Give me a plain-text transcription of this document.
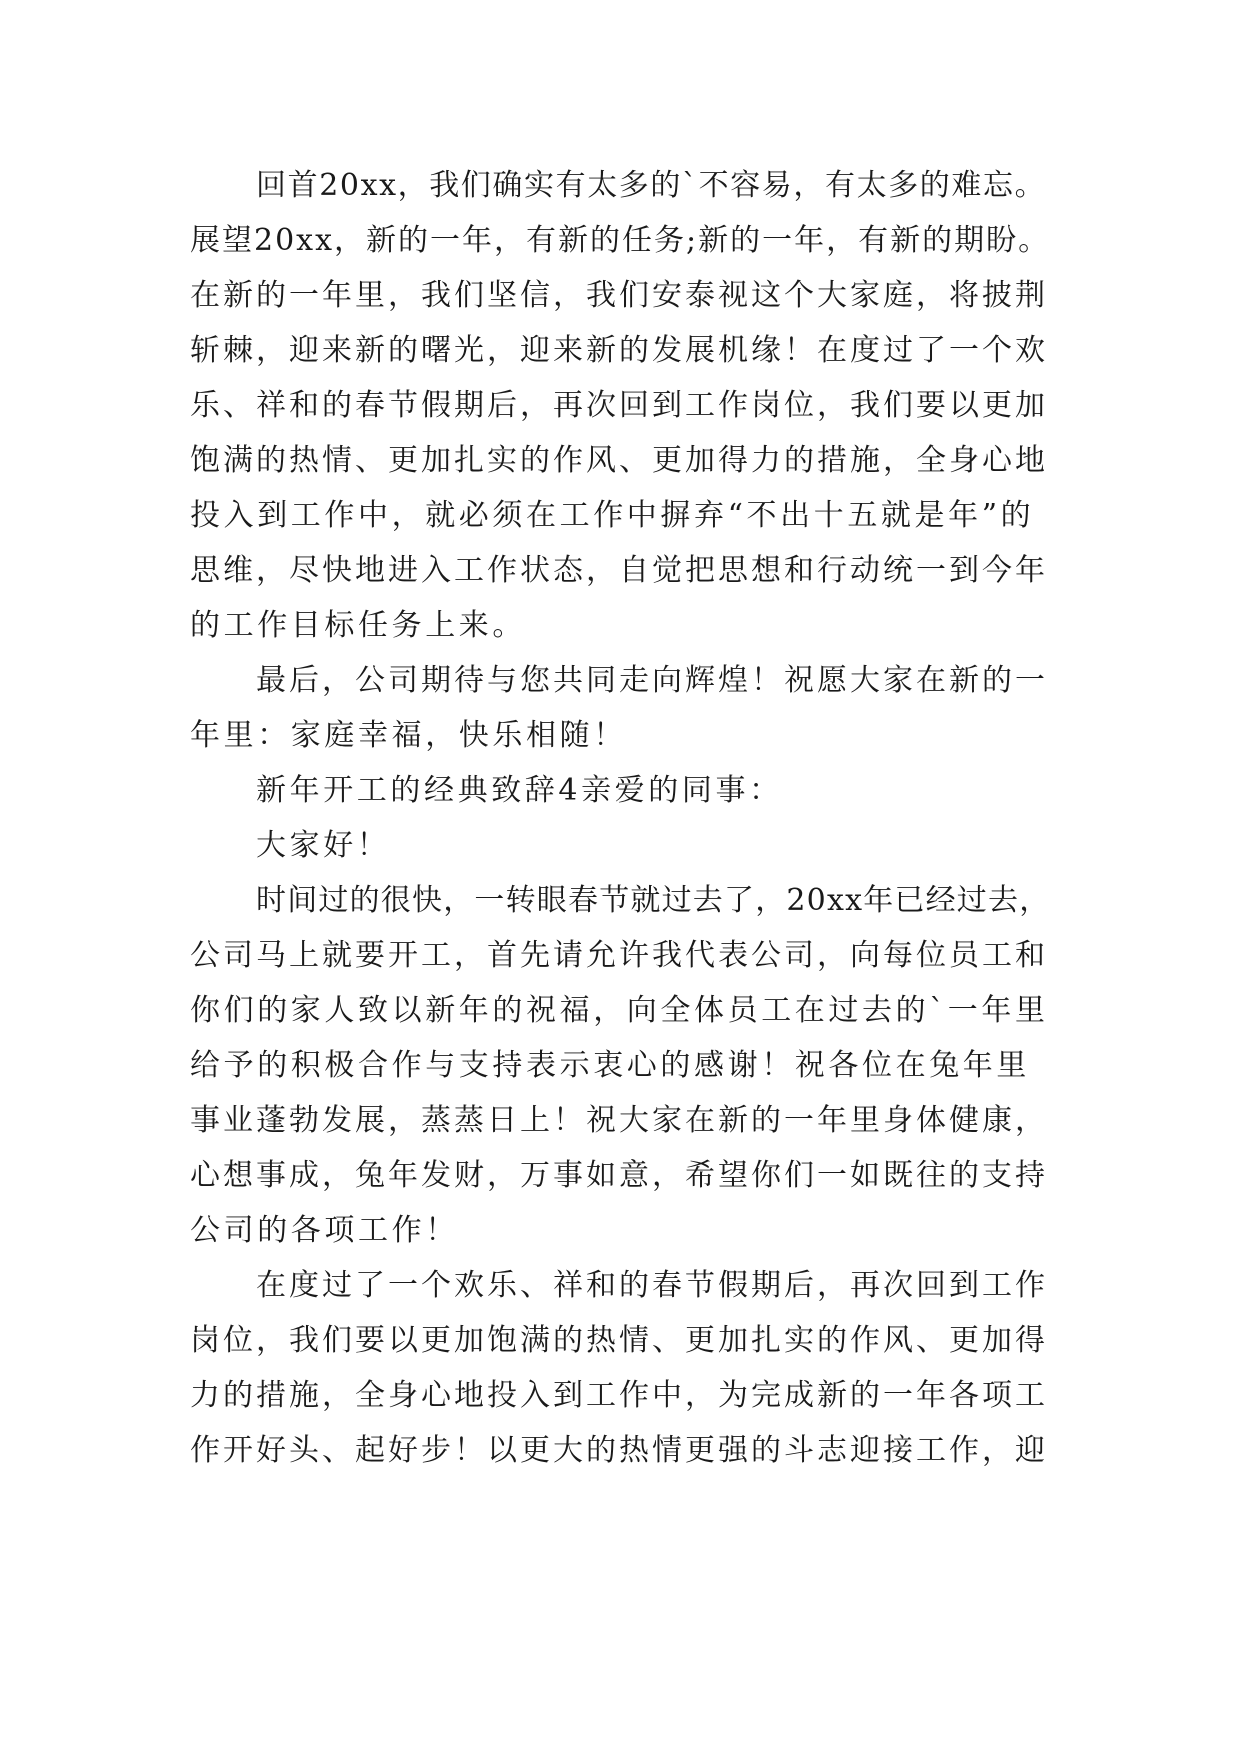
回首20xx，我们确实有太多的`不容易，有太多的难忘。
展望20xx，新的一年，有新的任务;新的一年，有新的期盼。
在新的一年里，我们坚信，我们安泰视这个大家庭，将披荆
斩棘，迎来新的曙光，迎来新的发展机缘！在度过了一个欢
乐、祥和的春节假期后，再次回到工作岗位，我们要以更加
饱满的热情、更加扎实的作风、更加得力的措施，全身心地
投入到工作中，就必须在工作中摒弃“不出十五就是年”的
思维，尽快地进入工作状态，自觉把思想和行动统一到今年
的工作目标任务上来。
最后，公司期待与您共同走向辉煌！祝愿大家在新的一
年里：家庭幸福，快乐相随！
新年开工的经典致辞4亲爱的同事：
大家好！
时间过的很快，一转眼春节就过去了，20xx年已经过去，
公司马上就要开工，首先请允许我代表公司，向每位员工和
你们的家人致以新年的祝福，向全体员工在过去的`一年里
给予的积极合作与支持表示衷心的感谢！祝各位在兔年里
事业蓬勃发展，蒸蒸日上！祝大家在新的一年里身体健康，
心想事成，兔年发财，万事如意，希望你们一如既往的支持
公司的各项工作！
在度过了一个欢乐、祥和的春节假期后，再次回到工作
岗位，我们要以更加饱满的热情、更加扎实的作风、更加得
力的措施，全身心地投入到工作中，为完成新的一年各项工
作开好头、起好步！以更大的热情更强的斗志迎接工作，迎
